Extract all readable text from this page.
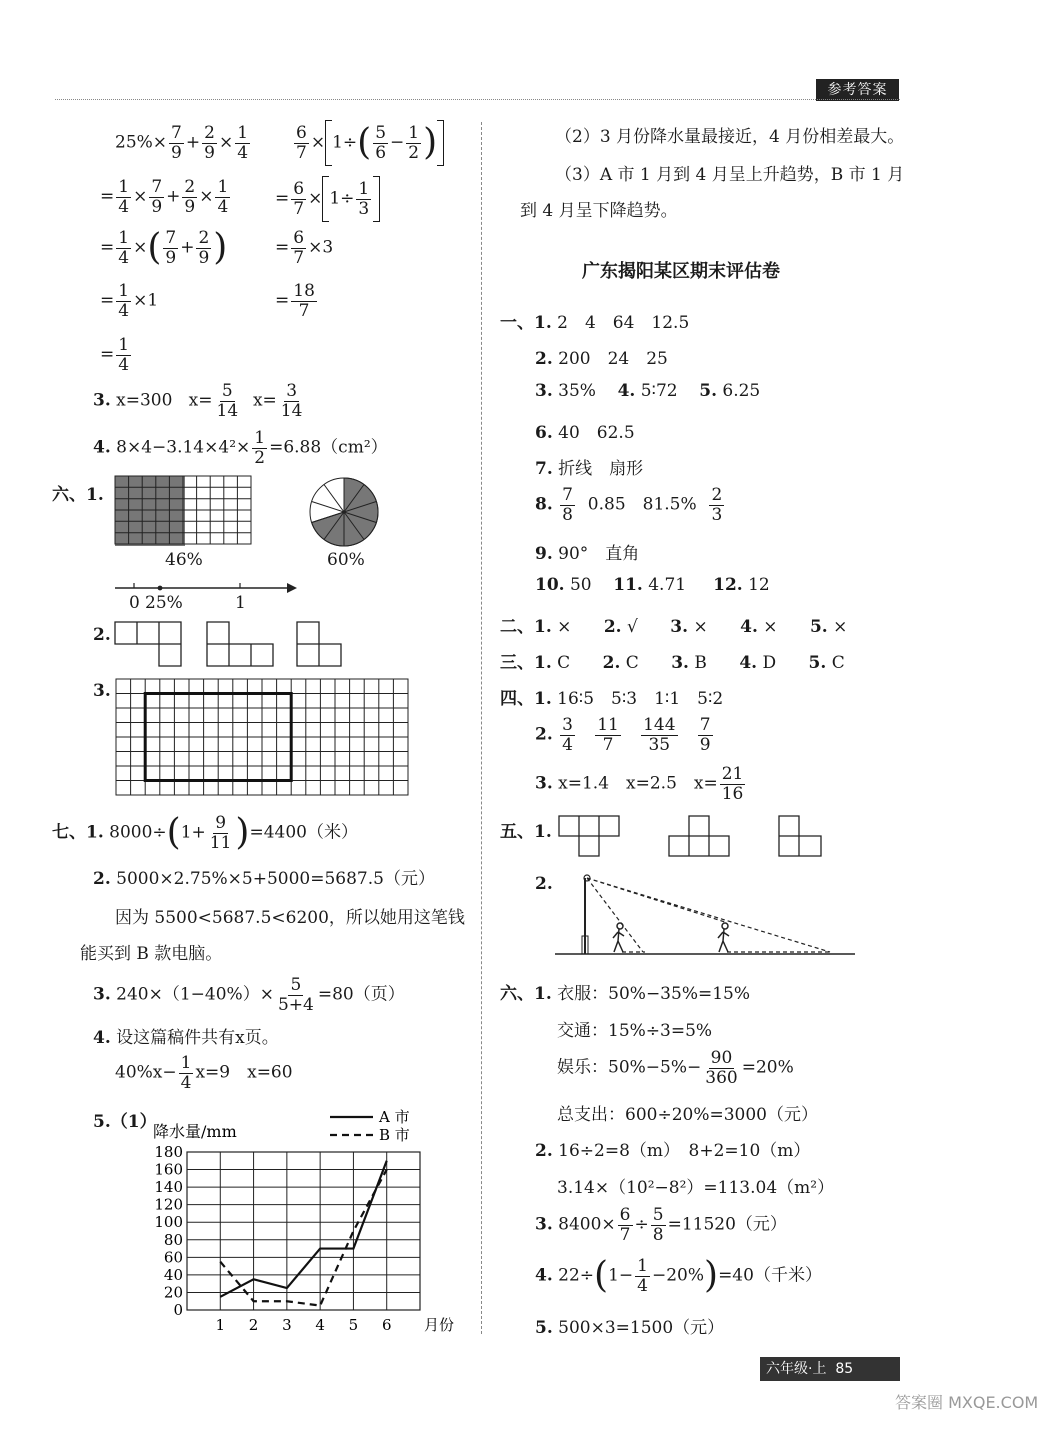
参考答案
$25\%\times \frac{7}{9} + \frac{2}{9} \times \frac{1}{4}$
= $\frac{1}{4} \times \frac{7}{9} + \frac{2}{9} \times \frac{1}{4}$
= $\frac{1}{4}$ ×( $\frac{7}{9} + \frac{2}{9}$ )
= $\frac{1}{4} \times 1$
= $\frac{1}{4}$
$\frac{6}{7} \times 1\div( \frac{5}{6} - \frac{1}{2}$ )
= $\frac{6}{7} \times 1\div \frac{1}{3}$
= $\frac{6}{7} \times 3$
= $\frac{18}{7}$
3. x=300 $x= \frac{5}{14} x= \frac{3}{14}$
4. $8\times 4-3.14\times 4^2\times \frac{1}{2} =6.88(cm^2)$
六、1.
46%	60%
0 25%	1
2.
3.
七、1. $8000\div(1+ \frac{9}{11} )=4400$（米）
2. 5000×2.75%×5+5000=5687.5（元）
因为 5500<5687.5<6200，所以她用这笔钱
能买到 B 款电脑。
3. $240\times(1-40\%)\times \frac{5}{5+4} =80$（页）
4. 设这篇稿件共有x页。
$40\%x- \frac{1}{4} x=9$　x=60
5.（1）
降水量/mm
A 市
B 市
0
20
40
60
80
100
120
140
160
180
1 2 3 4 5 6 月份
（2）3 月份降水量最接近，4 月份相差最大。
（3）A 市 1 月到 4 月呈上升趋势，B 市 1 月
到 4 月呈下降趋势。
广东揭阳某区期末评估卷
一、1. 2　4　64　12.5
2. 200　24　25
3. 35% 4. 5∶72 5. 6.25
6. 40　62.5
7. 折线　扇形
8. $\frac{7}{8} 0.85$　$81.5\% \frac{2}{3}$
9. 90°　直角
10. 50 11. 4.71 12. 12
二、1. × 2. √ 3. × 4. × 5. ×
三、1. C 2. C 3. B 4. D 5. C
四、1. 16∶5　5∶3　1∶1　5∶2
2. $\frac{3}{4}$
$\frac{11}{7}$
$\frac{144}{35}$
$\frac{7}{9}$
3. x=1.4　x=2.5　$x= \frac{21}{16}$
五、1.
2.
六、1. 衣服：50%−35%=15%
交通：15%÷3=5%
娱乐：$50\%-5\%- \frac{90}{360} =20\%$
总支出：600÷20%=3000（元）
2. 16÷2=8（m）　8+2=10（m）
3.14×（10²−8²）=113.04（m²）
3. $8400\times \frac{6}{7} \div \frac{5}{8} =11520$（元）
4. $22\div(1- \frac{1}{4} -20\%)=40$（千米）
5. 500×3=1500（元）
六年级·上 85
答案圈 MXQE.COM
